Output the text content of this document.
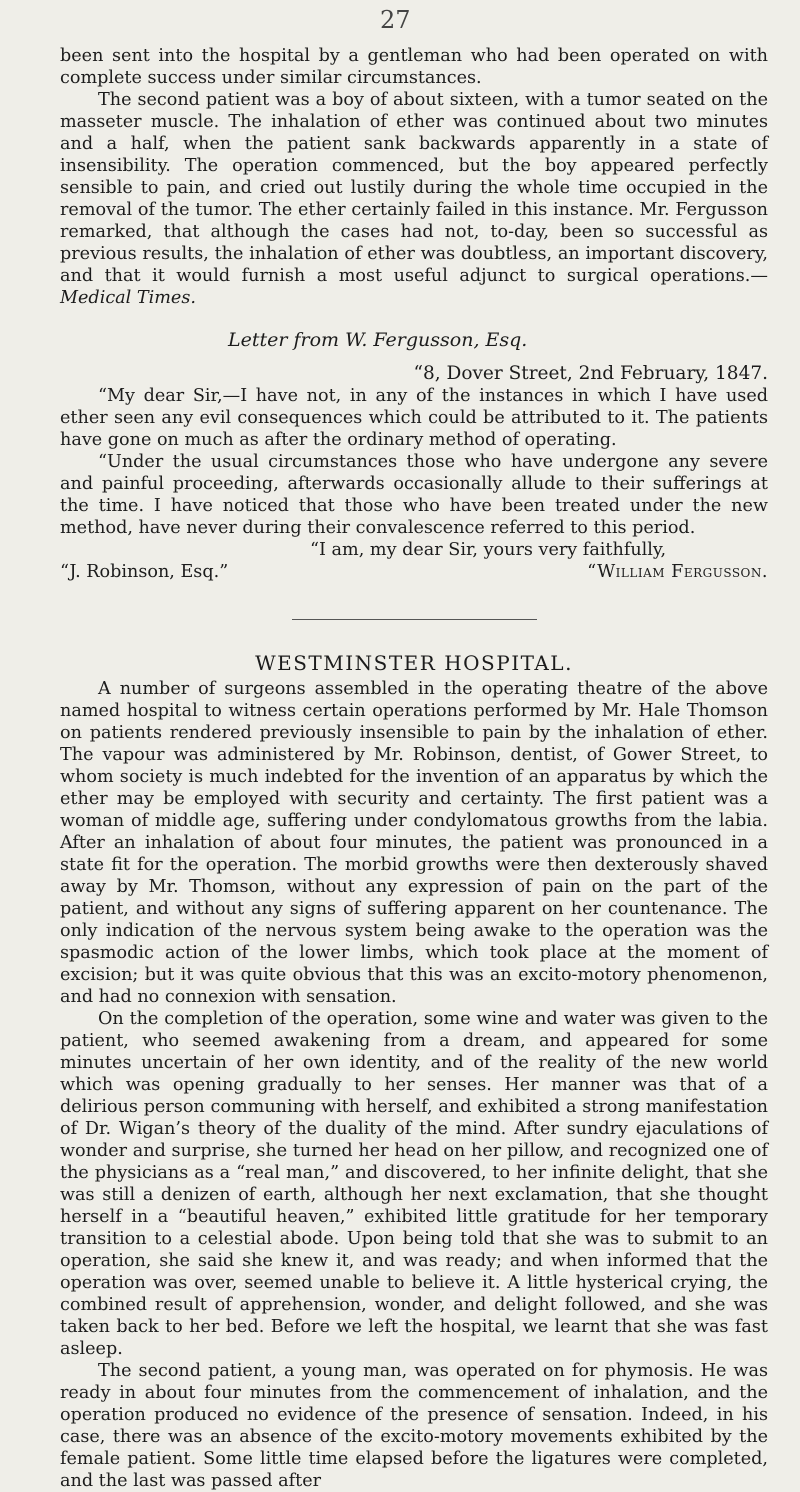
27

been sent into the hospital by a gentleman who had been operated on with complete success under similar circumstances.

The second patient was a boy of about sixteen, with a tumor seated on the masseter muscle. The inhalation of ether was continued about two minutes and a half, when the patient sank backwards apparently in a state of insensibility. The operation commenced, but the boy appeared perfectly sensible to pain, and cried out lustily during the whole time occupied in the removal of the tumor. The ether certainly failed in this instance. Mr. Fergusson remarked, that although the cases had not, to-day, been so successful as previous results, the inhalation of ether was doubtless, an important discovery, and that it would furnish a most useful adjunct to surgical operations.—Medical Times.

Letter from W. Fergusson, Esq.

“8, Dover Street, 2nd February, 1847.

“My dear Sir,—I have not, in any of the instances in which I have used ether seen any evil consequences which could be attributed to it. The patients have gone on much as after the ordinary method of operating.

“Under the usual circumstances those who have undergone any severe and painful proceeding, afterwards occasionally allude to their sufferings at the time. I have noticed that those who have been treated under the new method, have never during their convalescence referred to this period.

“I am, my dear Sir, yours very faithfully,

“J. Robinson, Esq.”	“William Fergusson.

WESTMINSTER HOSPITAL.

A number of surgeons assembled in the operating theatre of the above named hospital to witness certain operations performed by Mr. Hale Thomson on patients rendered previously insensible to pain by the inhalation of ether. The vapour was administered by Mr. Robinson, dentist, of Gower Street, to whom society is much indebted for the invention of an apparatus by which the ether may be employed with security and certainty. The first patient was a woman of middle age, suffering under condylomatous growths from the labia. After an inhalation of about four minutes, the patient was pronounced in a state fit for the operation. The morbid growths were then dexterously shaved away by Mr. Thomson, without any expression of pain on the part of the patient, and without any signs of suffering apparent on her countenance. The only indication of the nervous system being awake to the operation was the spasmodic action of the lower limbs, which took place at the moment of excision; but it was quite obvious that this was an excito-motory phenomenon, and had no connexion with sensation.

On the completion of the operation, some wine and water was given to the patient, who seemed awakening from a dream, and appeared for some minutes uncertain of her own identity, and of the reality of the new world which was opening gradually to her senses. Her manner was that of a delirious person communing with herself, and exhibited a strong manifestation of Dr. Wigan’s theory of the duality of the mind. After sundry ejaculations of wonder and surprise, she turned her head on her pillow, and recognized one of the physicians as a “real man,” and discovered, to her infinite delight, that she was still a denizen of earth, although her next exclamation, that she thought herself in a “beautiful heaven,” exhibited little gratitude for her temporary transition to a celestial abode. Upon being told that she was to submit to an operation, she said she knew it, and was ready; and when informed that the operation was over, seemed unable to believe it. A little hysterical crying, the combined result of apprehension, wonder, and delight followed, and she was taken back to her bed. Before we left the hospital, we learnt that she was fast asleep.

The second patient, a young man, was operated on for phymosis. He was ready in about four minutes from the commencement of inhalation, and the operation produced no evidence of the presence of sensation. Indeed, in his case, there was an absence of the excito-motory movements exhibited by the female patient. Some little time elapsed before the ligatures were completed, and the last was passed after
